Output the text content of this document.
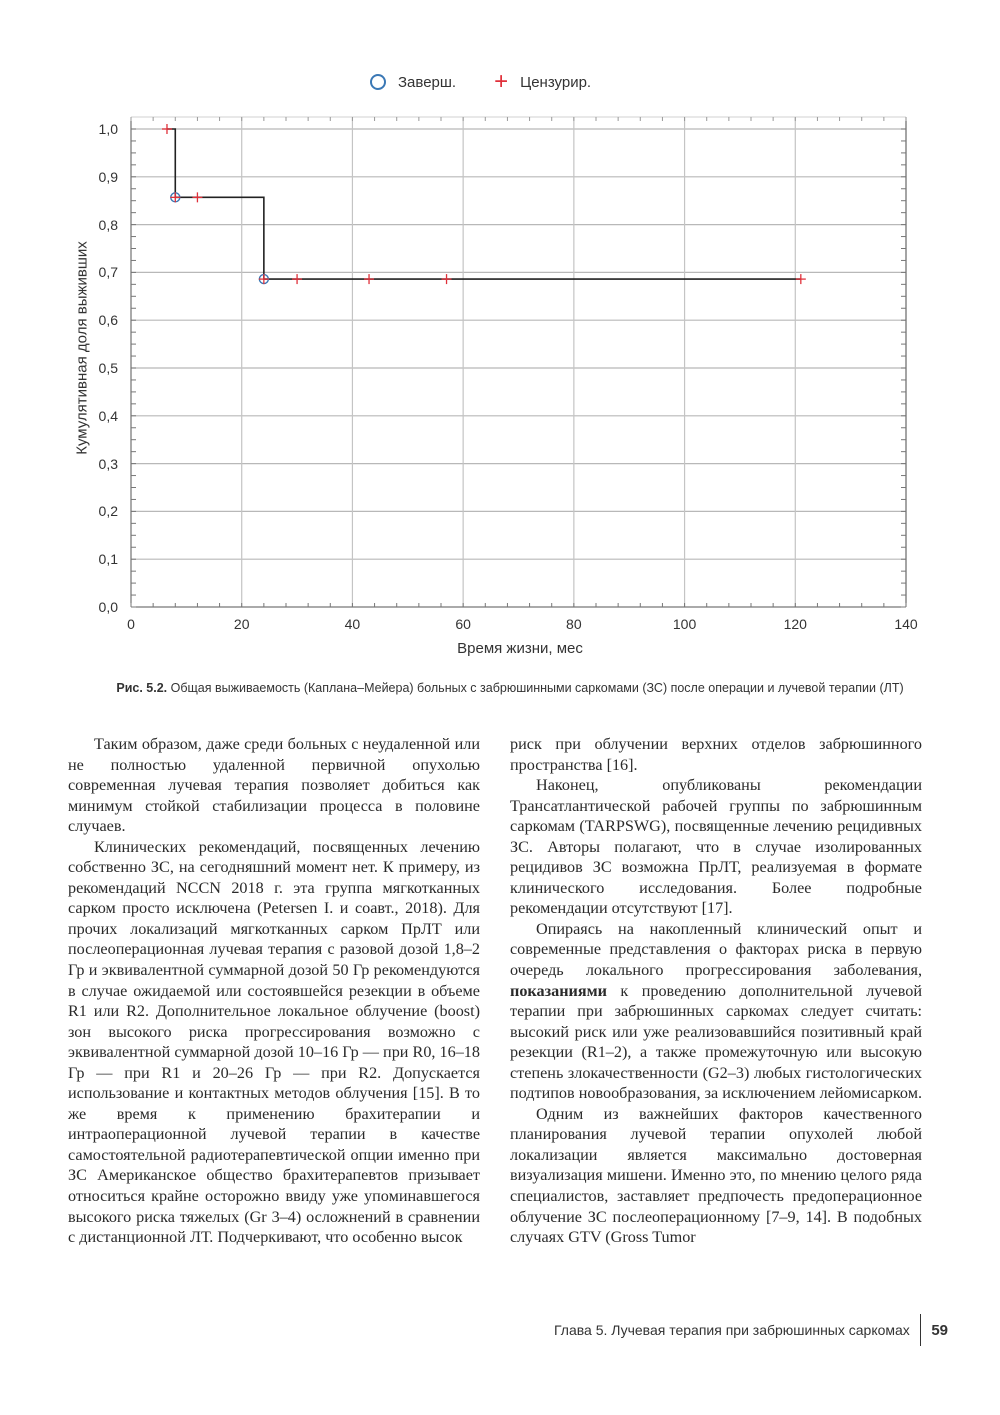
Заверш. + Цензурир.
Кумулятивная доля выживших
Время жизни, мес
0,0
0,1
0,2
0,3
0,4
0,5
0,6
0,7
0,8
0,9
1,0
0	20	40	60	80	100	120	140
Рис. 5.2. Общая выживаемость (Каплана–Мейера) больных с забрюшинными саркомами (ЗС) после операции и лучевой терапии (ЛТ)

Таким образом, даже среди больных с неудаленной или не полностью удаленной первичной опухолью современная лучевая терапия позволяет добиться как минимум стойкой стабилизации процесса в половине случаев.

Клинических рекомендаций, посвященных лечению собственно ЗС, на сегодняшний момент нет. К примеру, из рекомендаций NCCN 2018 г. эта группа мягкотканных сарком просто исключена (Petersen I. и соавт., 2018). Для прочих локализаций мягкотканных сарком ПрЛТ или послеоперационная лучевая терапия с разовой дозой 1,8–2 Гр и эквивалентной суммарной дозой 50 Гр рекомендуются в случае ожидаемой или состоявшейся резекции в объеме R1 или R2. Дополнительное локальное облучение (boost) зон высокого риска прогрессирования возможно с эквивалентной суммарной дозой 10–16 Гр — при R0, 16–18 Гр — при R1 и 20–26 Гр — при R2. Допускается использование и контактных методов облучения [15]. В то же время к применению брахитерапии и интраоперационной лучевой терапии в качестве самостоятельной радиотерапевтической опции именно при ЗС Американское общество брахитерапевтов призывает относиться крайне осторожно ввиду уже упоминавшегося высокого риска тяжелых (Gr 3–4) осложнений в сравнении с дистанционной ЛТ. Подчеркивают, что особенно высок

риск при облучении верхних отделов забрюшинного пространства [16].

Наконец, опубликованы рекомендации Трансатлантической рабочей группы по забрюшинным саркомам (TARPSWG), посвященные лечению рецидивных ЗС. Авторы полагают, что в случае изолированных рецидивов ЗС возможна ПрЛТ, реализуемая в формате клинического исследования. Более подробные рекомендации отсутствуют [17].

Опираясь на накопленный клинический опыт и современные представления о факторах риска в первую очередь локального прогрессирования заболевания, показаниями к проведению дополнительной лучевой терапии при забрюшинных саркомах следует считать: высокий риск или уже реализовавшийся позитивный край резекции (R1–2), а также промежуточную или высокую степень злокачественности (G2–3) любых гистологических подтипов новообразования, за исключением лейомисарком.

Одним из важнейших факторов качественного планирования лучевой терапии опухолей любой локализации является максимально достоверная визуализация мишени. Именно это, по мнению целого ряда специалистов, заставляет предпочесть предоперационное облучение ЗС послеоперационному [7–9, 14]. В подобных случаях GTV (Gross Tumor

Глава 5. Лучевая терапия при забрюшинных саркомах 59
